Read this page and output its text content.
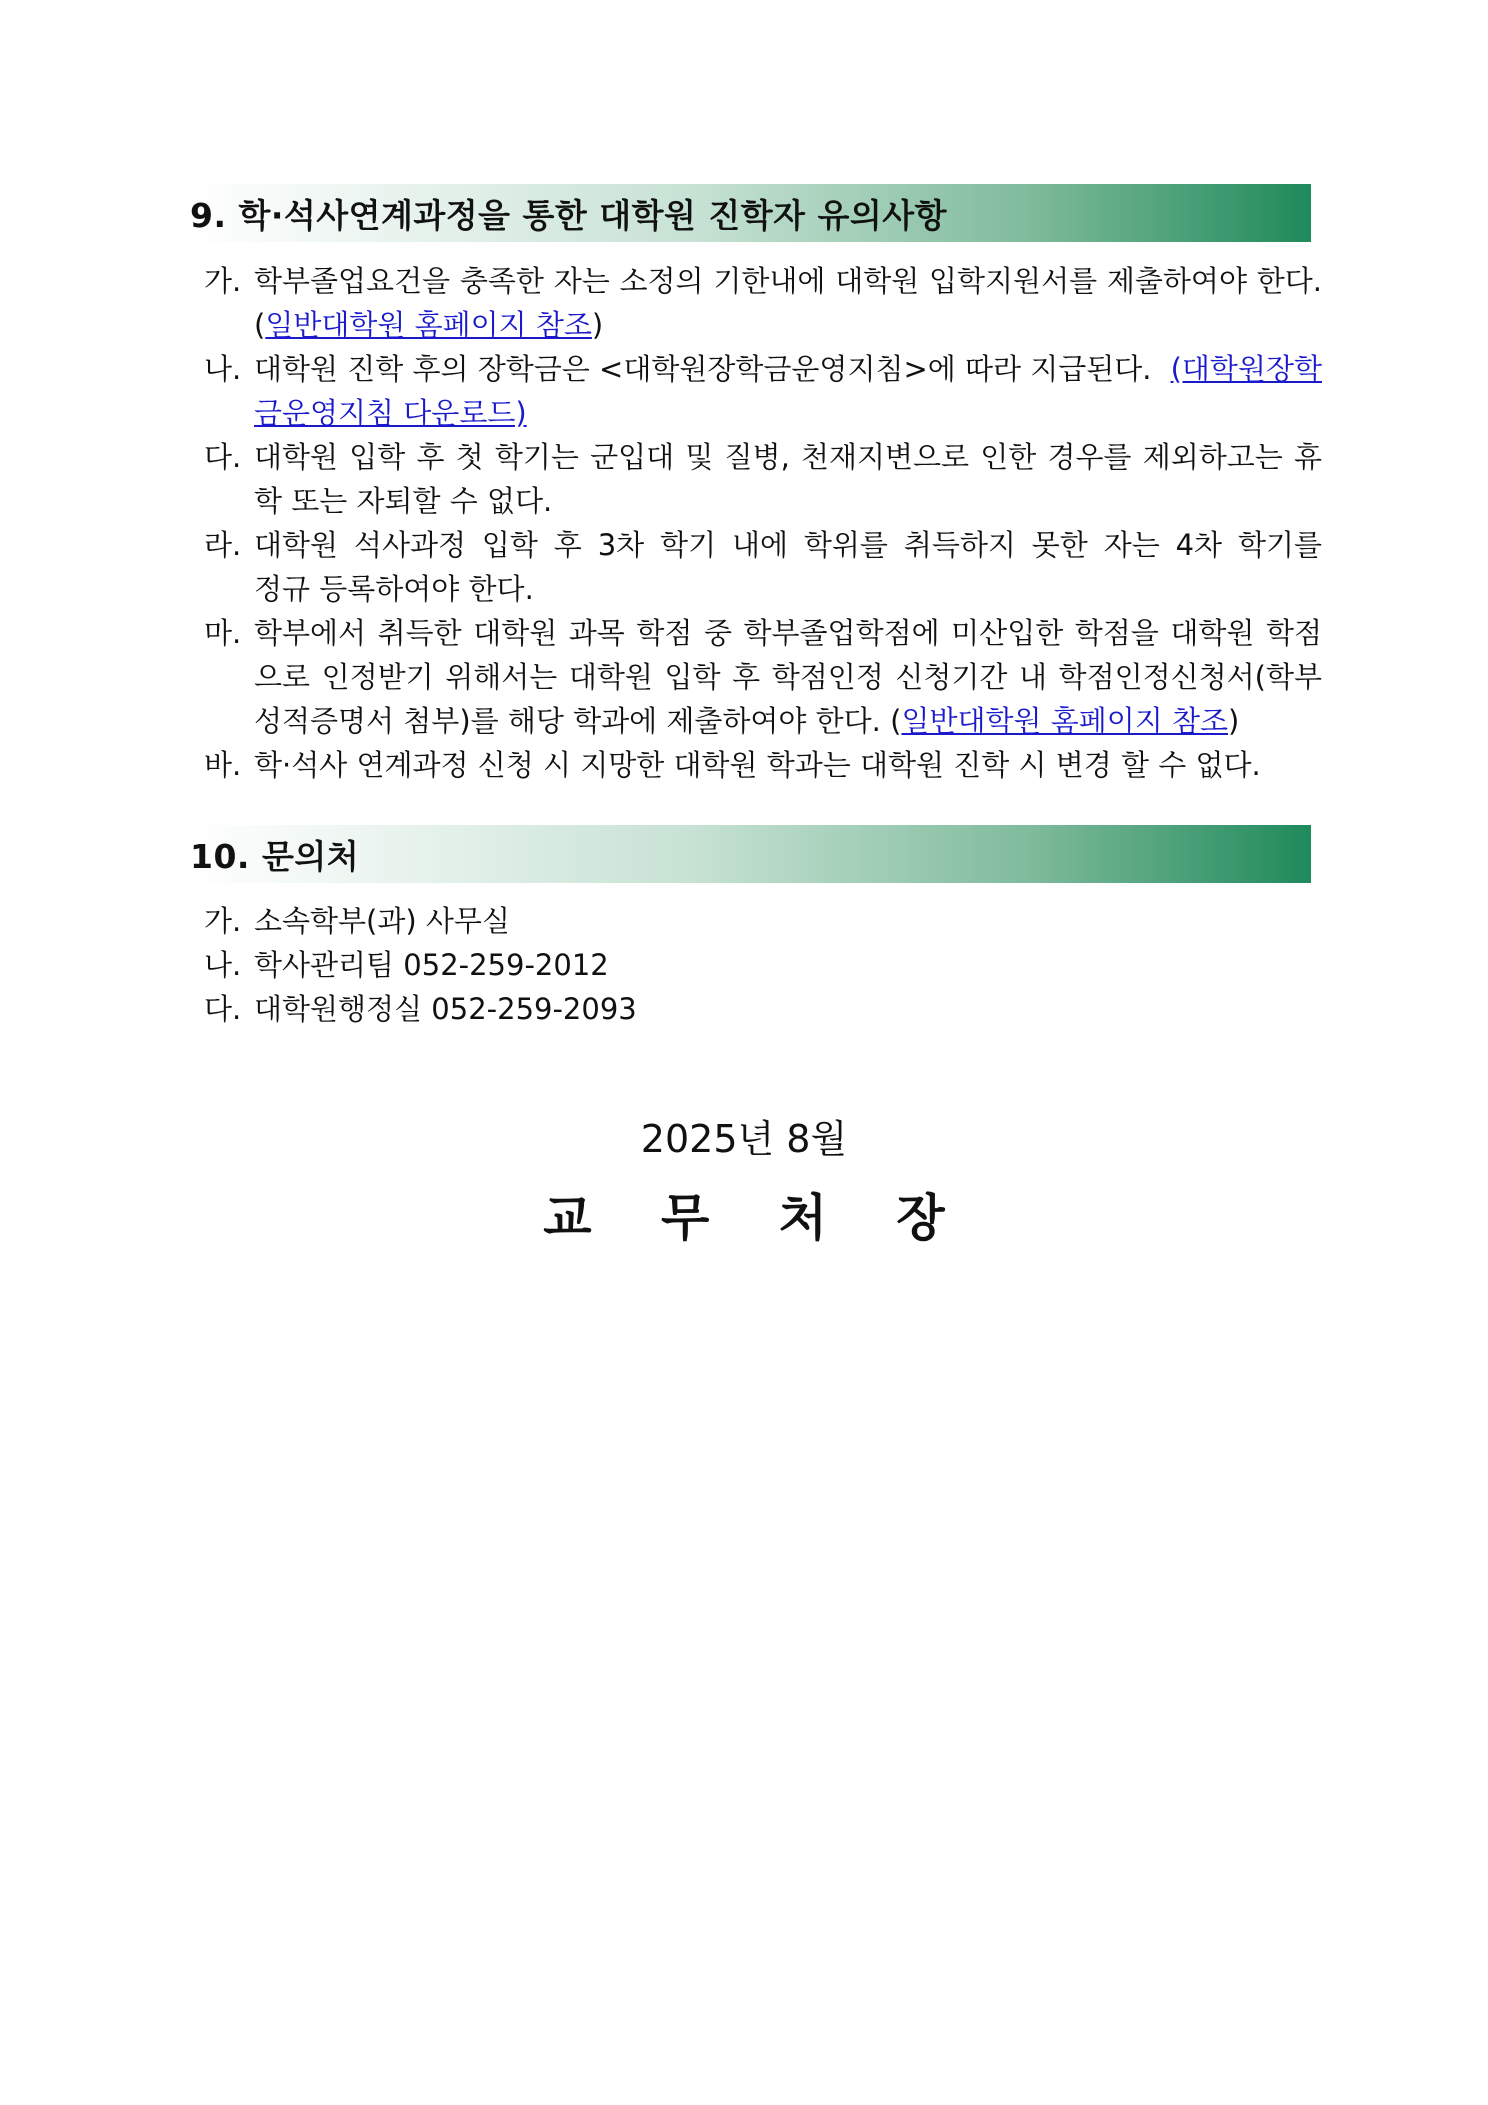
9. 학·석사연계과정을 통한 대학원 진학자 유의사항
가. 학부졸업요건을 충족한 자는 소정의 기한내에 대학원 입학지원서를 제출하여야 한다.
(일반대학원 홈페이지 참조)
나. 대학원 진학 후의 장학금은 <대학원장학금운영지침>에 따라 지급된다. (대학원장학
금운영지침 다운로드)
다. 대학원 입학 후 첫 학기는 군입대 및 질병, 천재지변으로 인한 경우를 제외하고는 휴
학 또는 자퇴할 수 없다.
라. 대학원 석사과정 입학 후 3차 학기 내에 학위를 취득하지 못한 자는 4차 학기를
정규 등록하여야 한다.
마. 학부에서 취득한 대학원 과목 학점 중 학부졸업학점에 미산입한 학점을 대학원 학점
으로 인정받기 위해서는 대학원 입학 후 학점인정 신청기간 내 학점인정신청서(학부
성적증명서 첨부)를 해당 학과에 제출하여야 한다. (일반대학원 홈페이지 참조)
바. 학·석사 연계과정 신청 시 지망한 대학원 학과는 대학원 진학 시 변경 할 수 없다.
10. 문의처
가. 소속학부(과) 사무실
나. 학사관리팀 052-259-2012
다. 대학원행정실 052-259-2093
2025년 8월
교 무 처 장
